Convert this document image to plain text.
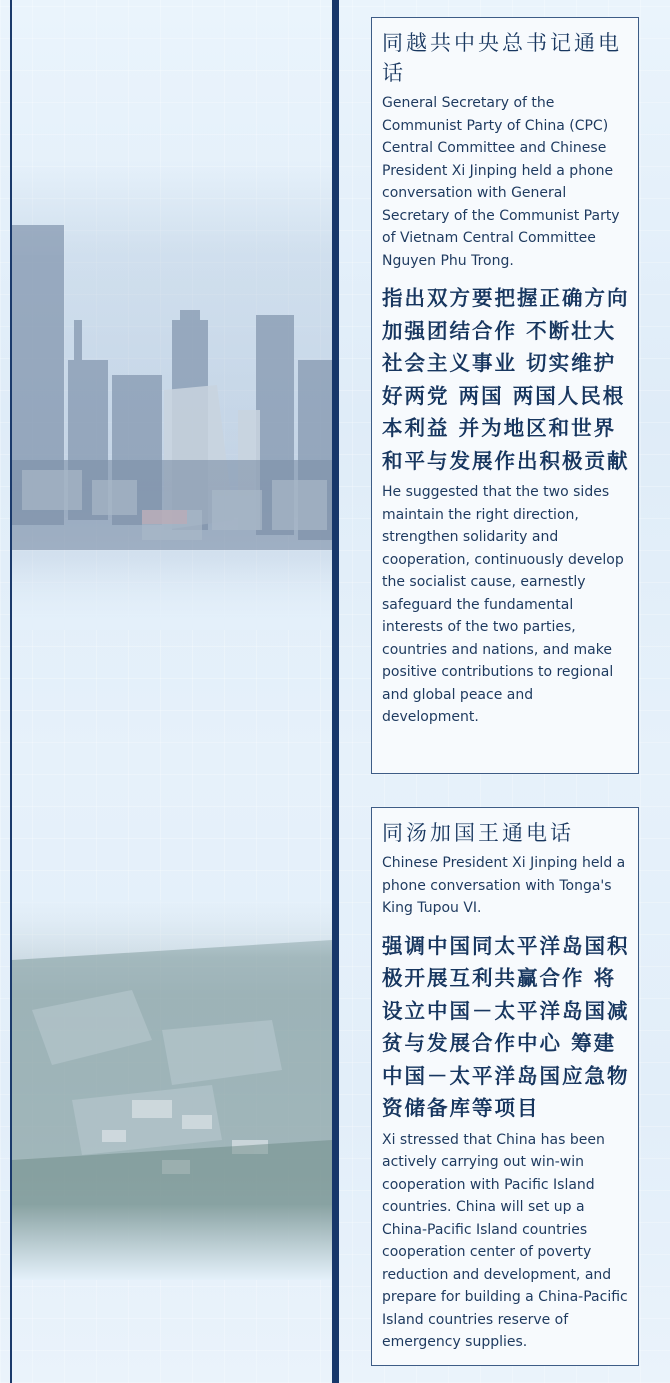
同越共中央总书记通电话

General Secretary of the Communist Party of China (CPC) Central Committee and Chinese President Xi Jinping held a phone conversation with General Secretary of the Communist Party of Vietnam Central Committee Nguyen Phu Trong.

指出双方要把握正确方向 加强团结合作 不断壮大社会主义事业 切实维护好两党 两国 两国人民根本利益 并为地区和世界和平与发展作出积极贡献

He suggested that the two sides maintain the right direction, strengthen solidarity and cooperation, continuously develop the socialist cause, earnestly safeguard the fundamental interests of the two parties, countries and nations, and make positive contributions to regional and global peace and development.

同汤加国王通电话

Chinese President Xi Jinping held a phone conversation with Tonga's King Tupou VI.

强调中国同太平洋岛国积极开展互利共赢合作 将设立中国－太平洋岛国减贫与发展合作中心 筹建中国－太平洋岛国应急物资储备库等项目

Xi stressed that China has been actively carrying out win-win cooperation with Pacific Island countries. China will set up a China-Pacific Island countries cooperation center of poverty reduction and development, and prepare for building a China-Pacific Island countries reserve of emergency supplies.
